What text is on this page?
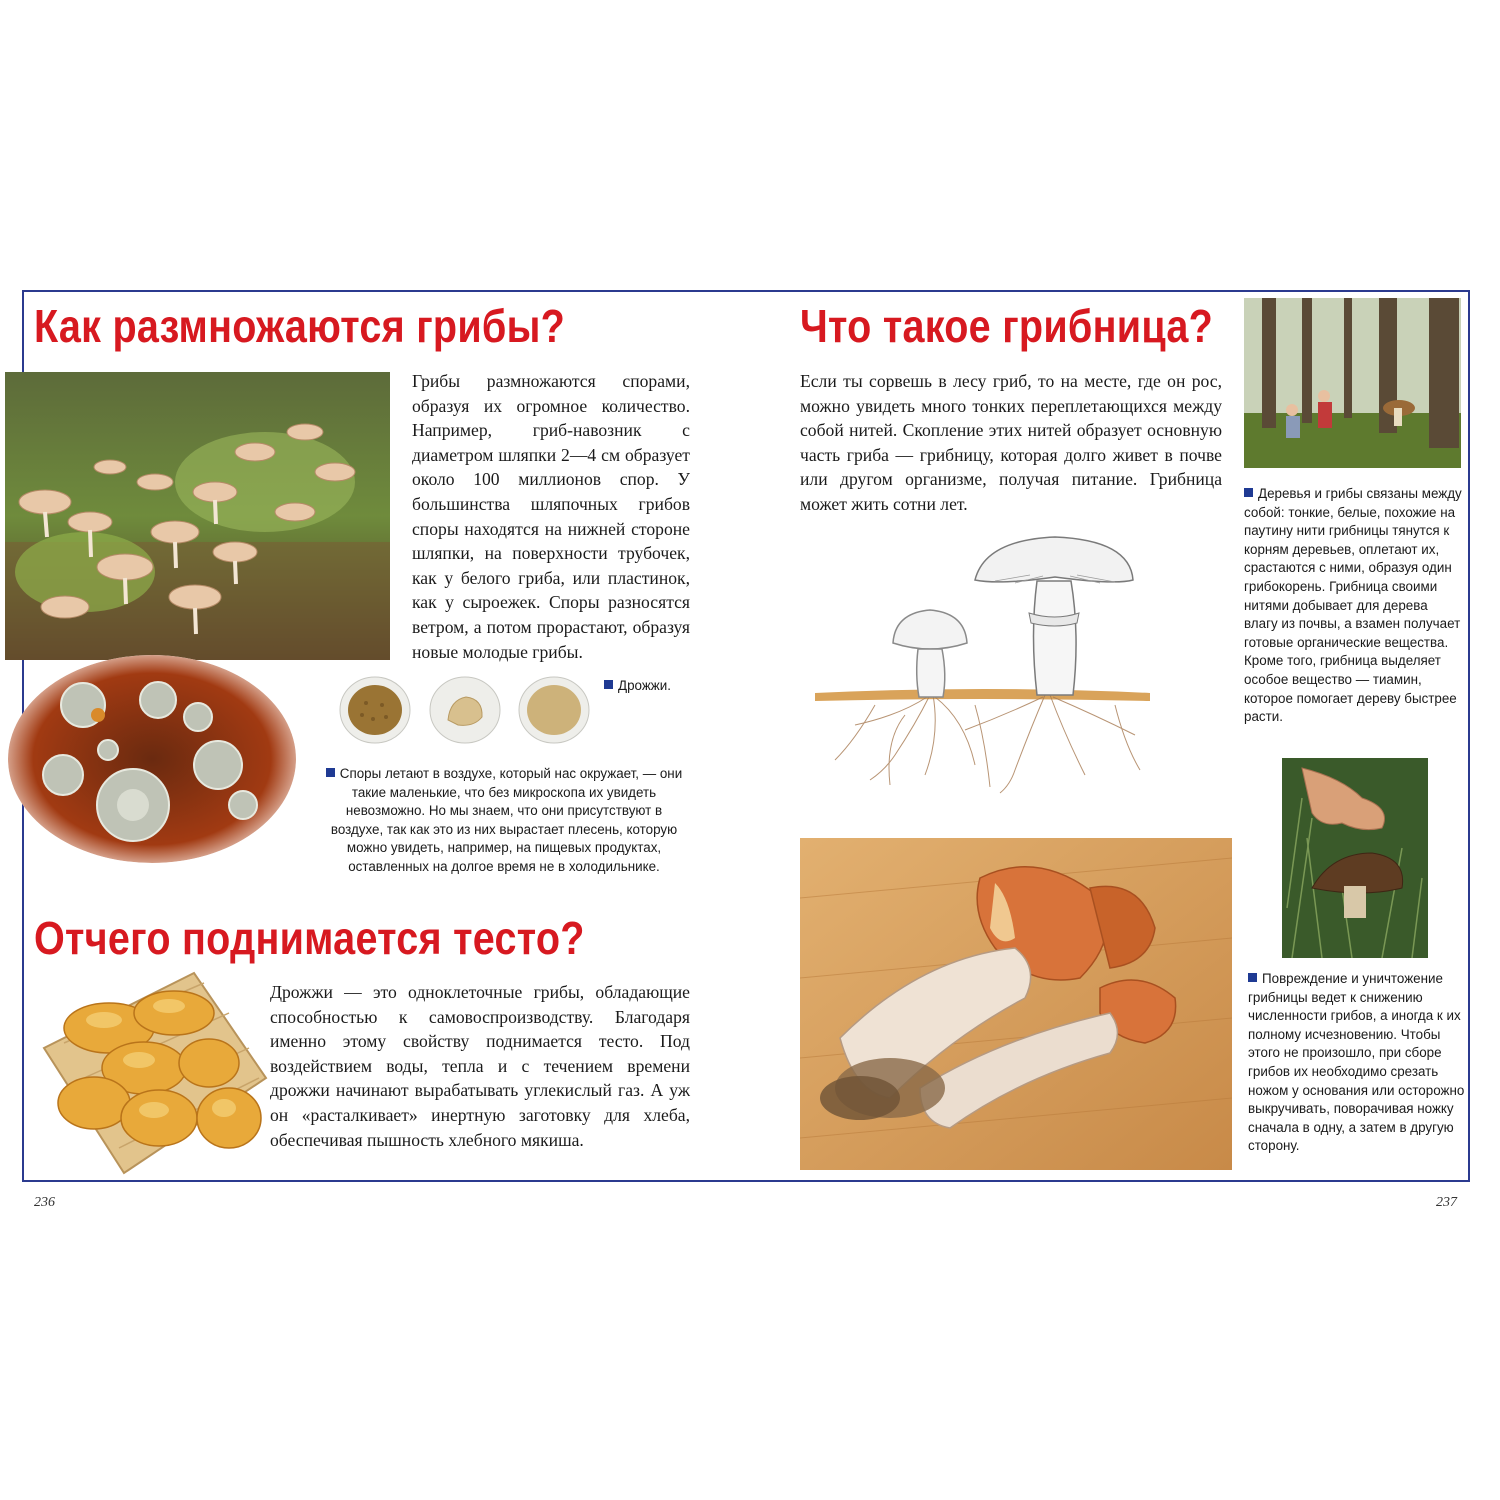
Как размножаются грибы?

Грибы размножаются спорами, образуя их огромное количество. Например, гриб-навозник с диаметром шляпки 2—4 см образует около 100 миллионов спор. У большинства шляпочных грибов споры находятся на нижней стороне шляпки, на поверхности трубочек, как у белого гриба, или пластинок, как у сыроежек. Споры разносятся ветром, а потом прорастают, образуя новые молодые грибы.

Дрожжи.

Споры летают в воздухе, который нас окружает, — они такие маленькие, что без микроскопа их увидеть невозможно. Но мы знаем, что они присутствуют в воздухе, так как это из них вырастает плесень, которую можно увидеть, например, на пищевых продуктах, оставленных на долгое время не в холодильнике.

Отчего поднимается тесто?

Дрожжи — это одноклеточные грибы, обладающие способностью к самовоспроизводству. Благодаря именно этому свойству поднимается тесто. Под воздействием воды, тепла и с течением времени дрожжи начинают вырабатывать углекислый газ. А уж он «расталкивает» инертную заготовку для хлеба, обеспечивая пышность хлебного мякиша.

236
Что такое грибница?

Если ты сорвешь в лесу гриб, то на месте, где он рос, можно увидеть много тонких переплетающихся между собой нитей. Скопление этих нитей образует основную часть гриба — грибницу, которая долго живет в почве или другом организме, получая питание. Грибница может жить сотни лет.

Деревья и грибы связаны между собой: тонкие, белые, похожие на паутину нити грибницы тянутся к корням деревьев, оплетают их, срастаются с ними, образуя один грибокорень. Грибница своими нитями добывает для дерева влагу из почвы, а взамен получает готовые органические вещества. Кроме того, грибница выделяет особое вещество — тиамин, которое помогает дереву быстрее расти.

Повреждение и уничтожение грибницы ведет к снижению численности грибов, а иногда к их полному исчезновению. Чтобы этого не произошло, при сборе грибов их необходимо срезать ножом у основания или осторожно выкручивать, поворачивая ножку сначала в одну, а затем в другую сторону.

237
